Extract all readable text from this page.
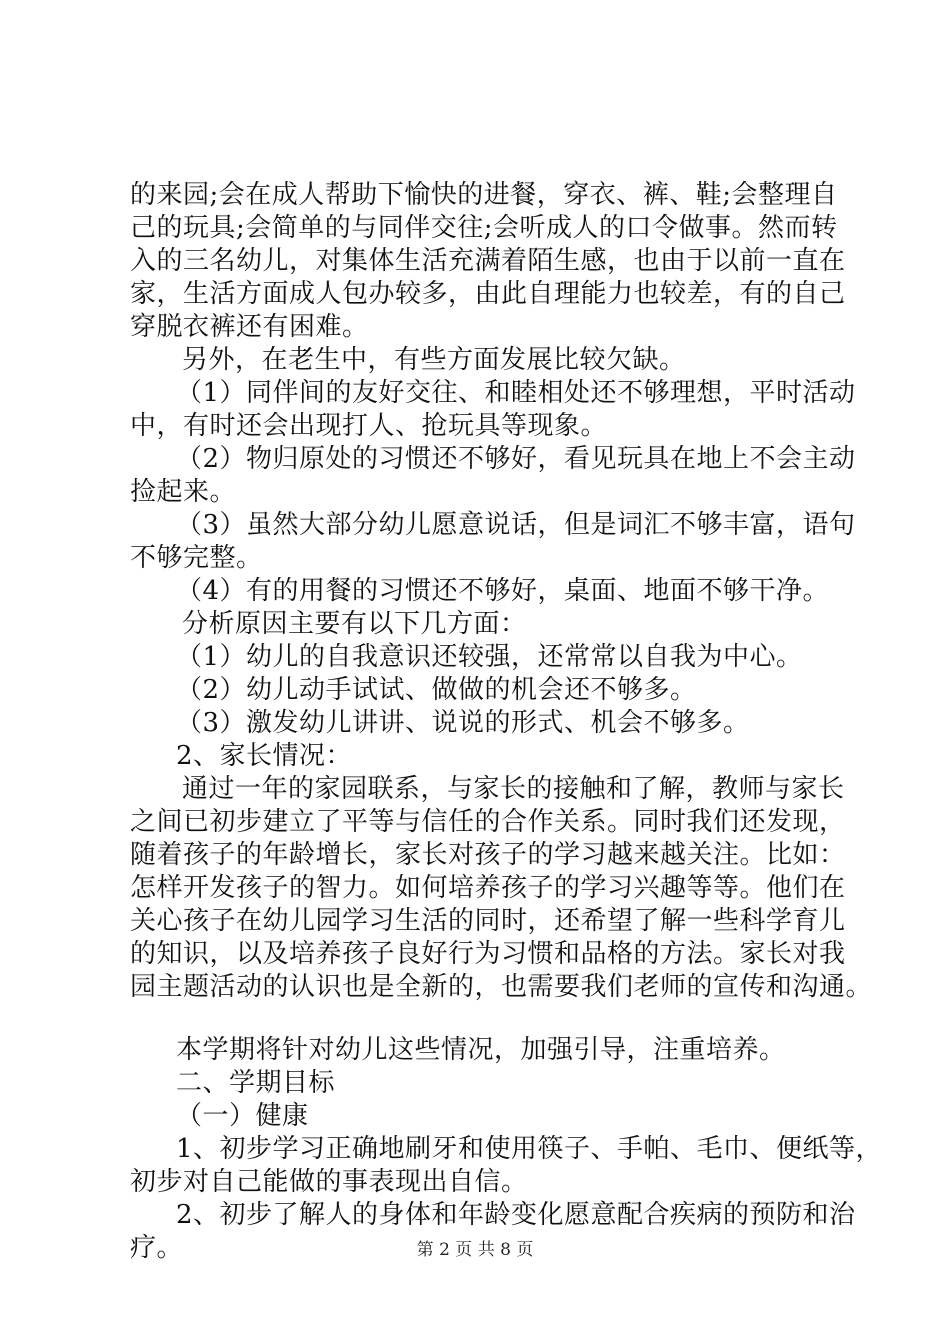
的来园;会在成人帮助下愉快的进餐，穿衣、裤、鞋;会整理自
己的玩具;会简单的与同伴交往;会听成人的口令做事。然而转
入的三名幼儿，对集体生活充满着陌生感，也由于以前一直在
家，生活方面成人包办较多，由此自理能力也较差，有的自己
穿脱衣裤还有困难。
另外，在老生中，有些方面发展比较欠缺。
（1）同伴间的友好交往、和睦相处还不够理想，平时活动
中，有时还会出现打人、抢玩具等现象。
（2）物归原处的习惯还不够好，看见玩具在地上不会主动
捡起来。
（3）虽然大部分幼儿愿意说话，但是词汇不够丰富，语句
不够完整。
（4）有的用餐的习惯还不够好，桌面、地面不够干净。
分析原因主要有以下几方面：
（1）幼儿的自我意识还较强，还常常以自我为中心。
（2）幼儿动手试试、做做的机会还不够多。
（3）激发幼儿讲讲、说说的形式、机会不够多。
2、家长情况：
通过一年的家园联系，与家长的接触和了解，教师与家长
之间已初步建立了平等与信任的合作关系。同时我们还发现，
随着孩子的年龄增长，家长对孩子的学习越来越关注。比如：
怎样开发孩子的智力。如何培养孩子的学习兴趣等等。他们在
关心孩子在幼儿园学习生活的同时，还希望了解一些科学育儿
的知识，以及培养孩子良好行为习惯和品格的方法。家长对我
园主题活动的认识也是全新的，也需要我们老师的宣传和沟通。
本学期将针对幼儿这些情况，加强引导，注重培养。
二、学期目标
（一）健康
1、初步学习正确地刷牙和使用筷子、手帕、毛巾、便纸等，
初步对自己能做的事表现出自信。
2、初步了解人的身体和年龄变化愿意配合疾病的预防和治
疗。	第 2 页 共 8 页
